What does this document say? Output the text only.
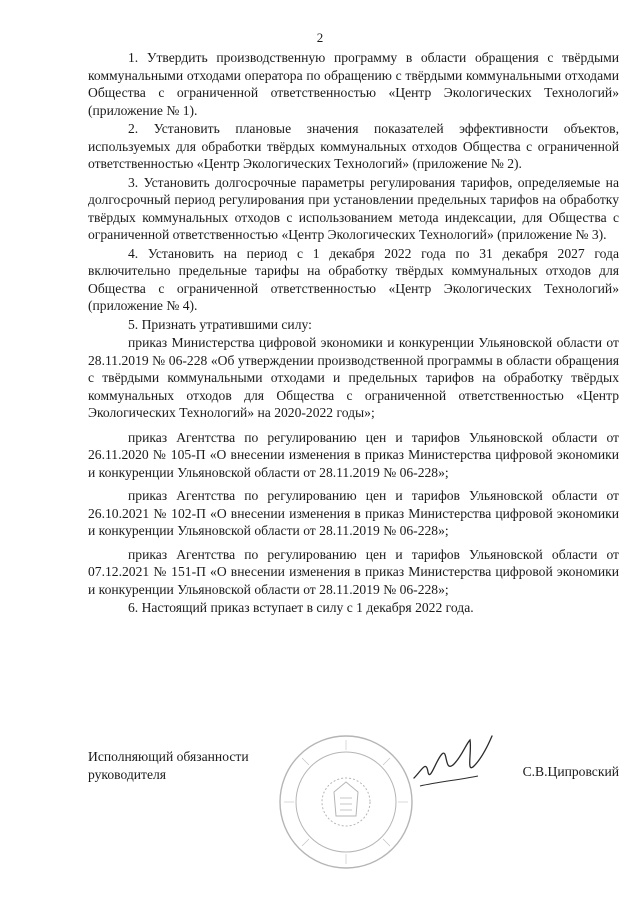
2

1. Утвердить производственную программу в области обращения с твёрдыми коммунальными отходами оператора по обращению с твёрдыми коммунальными отходами Общества с ограниченной ответственностью «Центр Экологических Технологий» (приложение № 1).

2. Установить плановые значения показателей эффективности объектов, используемых для обработки твёрдых коммунальных отходов Общества с ограниченной ответственностью «Центр Экологических Технологий» (приложение № 2).

3. Установить долгосрочные параметры регулирования тарифов, определяемые на долгосрочный период регулирования при установлении предельных тарифов на обработку твёрдых коммунальных отходов с использованием метода индексации, для Общества с ограниченной ответственностью «Центр Экологических Технологий» (приложение № 3).

4. Установить на период с 1 декабря 2022 года по 31 декабря 2027 года включительно предельные тарифы на обработку твёрдых коммунальных отходов для Общества с ограниченной ответственностью «Центр Экологических Технологий» (приложение № 4).

5. Признать утратившими силу:

приказ Министерства цифровой экономики и конкуренции Ульяновской области от 28.11.2019 № 06-228 «Об утверждении производственной программы в области обращения с твёрдыми коммунальными отходами и предельных тарифов на обработку твёрдых коммунальных отходов для Общества с ограниченной ответственностью «Центр Экологических Технологий» на 2020-2022 годы»;

приказ Агентства по регулированию цен и тарифов Ульяновской области от 26.11.2020 № 105-П «О внесении изменения в приказ Министерства цифровой экономики и конкуренции Ульяновской области от 28.11.2019 № 06-228»;

приказ Агентства по регулированию цен и тарифов Ульяновской области от 26.10.2021 № 102-П «О внесении изменения в приказ Министерства цифровой экономики и конкуренции Ульяновской области от 28.11.2019 № 06-228»;

приказ Агентства по регулированию цен и тарифов Ульяновской области от 07.12.2021 № 151-П «О внесении изменения в приказ Министерства цифровой экономики и конкуренции Ульяновской области от 28.11.2019 № 06-228»;

6. Настоящий приказ вступает в силу с 1 декабря 2022 года.

Исполняющий обязанности
руководителя	С.В.Ципровский
